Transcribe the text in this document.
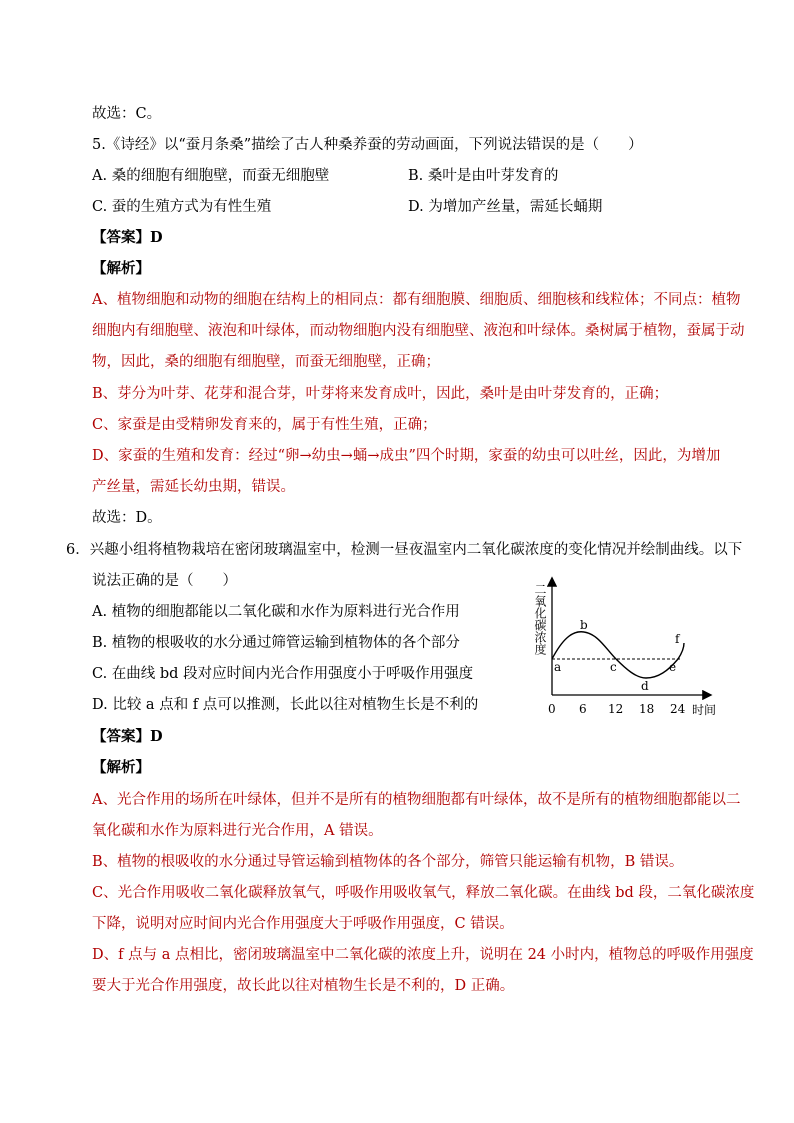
故选：C。
5.《诗经》以“蚕月条桑”描绘了古人种桑养蚕的劳动画面，下列说法错误的是（　　）
A. 桑的细胞有细胞壁，而蚕无细胞壁	B. 桑叶是由叶芽发育的
C. 蚕的生殖方式为有性生殖	D. 为增加产丝量，需延长蛹期
【答案】D
【解析】
A、植物细胞和动物的细胞在结构上的相同点：都有细胞膜、细胞质、细胞核和线粒体；不同点：植物
细胞内有细胞壁、液泡和叶绿体，而动物细胞内没有细胞壁、液泡和叶绿体。桑树属于植物，蚕属于动
物，因此，桑的细胞有细胞壁，而蚕无细胞壁，正确；
B、芽分为叶芽、花芽和混合芽，叶芽将来发育成叶，因此，桑叶是由叶芽发育的，正确；
C、家蚕是由受精卵发育来的，属于有性生殖，正确；
D、家蚕的生殖和发育：经过“卵→幼虫→蛹→成虫”四个时期，家蚕的幼虫可以吐丝，因此，为增加
产丝量，需延长幼虫期，错误。
故选：D。
6．兴趣小组将植物栽培在密闭玻璃温室中，检测一昼夜温室内二氧化碳浓度的变化情况并绘制曲线。以下
说法正确的是（　　）
A. 植物的细胞都能以二氧化碳和水作为原料进行光合作用
B. 植物的根吸收的水分通过筛管运输到植物体的各个部分
C. 在曲线 bd 段对应时间内光合作用强度小于呼吸作用强度
D. 比较 a 点和 f 点可以推测，长此以往对植物生长是不利的
二氧化碳浓度
a
b
c
d
e
f
0 6 12 18 24 时间
【答案】D
【解析】
A、光合作用的场所在叶绿体，但并不是所有的植物细胞都有叶绿体，故不是所有的植物细胞都能以二
氧化碳和水作为原料进行光合作用，A 错误。
B、植物的根吸收的水分通过导管运输到植物体的各个部分，筛管只能运输有机物，B 错误。
C、光合作用吸收二氧化碳释放氧气，呼吸作用吸收氧气，释放二氧化碳。在曲线 bd 段，二氧化碳浓度
下降，说明对应时间内光合作用强度大于呼吸作用强度，C 错误。
D、f 点与 a 点相比，密闭玻璃温室中二氧化碳的浓度上升，说明在 24 小时内，植物总的呼吸作用强度
要大于光合作用强度，故长此以往对植物生长是不利的，D 正确。
